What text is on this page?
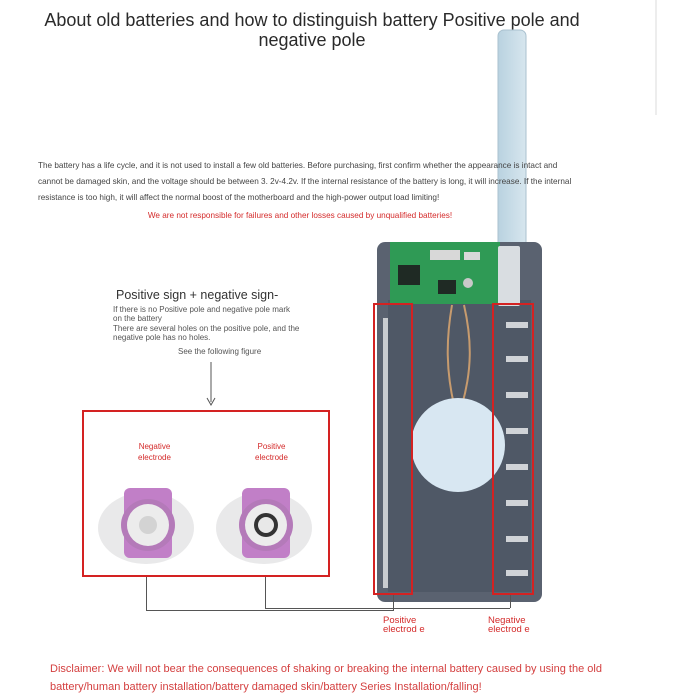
About old batteries and how to distinguish battery Positive pole and negative pole
The battery has a life cycle, and it is not used to install a few old batteries. Before purchasing, first confirm whether the appearance is intact and cannot be damaged skin, and the voltage should be between 3. 2v-4.2v. If the internal resistance of the battery is long, it will increase. If the internal resistance is too high, it will affect the normal boost of the motherboard and the high-power output load limiting!
We are not responsible for failures and other losses caused by unqualified batteries!
Positive sign + negative sign-
If there is no Positive pole and negative pole mark on the battery
There are several holes on the positive pole, and the negative pole has no holes.
See the following figure
Negative electrode
Positive electrode
Positive electrod e
Negative electrod e
Disclaimer: We will not bear the consequences of shaking or breaking the internal battery caused by using the old battery/human battery installation/battery damaged skin/battery Series Installation/falling!
